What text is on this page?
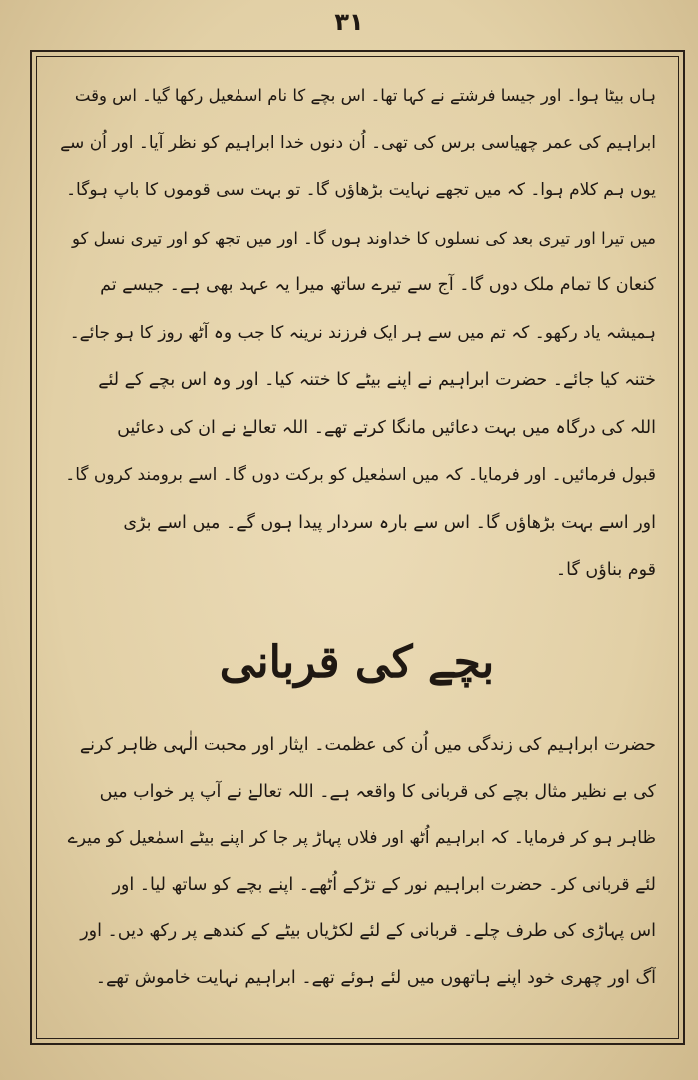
۳۱
ہاں بیٹا ہوا۔ اور جیسا فرشتے نے کہا تھا۔ اس بچے کا نام اسمٰعیل رکھا گیا۔ اس وقت
ابراہیم کی عمر چھیاسی برس کی تھی۔ اُن دنوں خدا ابراہیم کو نظر آیا۔ اور اُن سے
یوں ہم کلام ہوا۔ کہ میں تجھے نہایت بڑھاؤں گا۔ تو بہت سی قوموں کا باپ ہوگا۔
میں تیرا اور تیری بعد کی نسلوں کا خداوند ہوں گا۔ اور میں تجھ کو اور تیری نسل کو
کنعان کا تمام ملک دوں گا۔ آج سے تیرے ساتھ میرا یہ عہد بھی ہے۔ جیسے تم
ہمیشہ یاد رکھو۔ کہ تم میں سے ہر ایک فرزند نرینہ کا جب وہ آٹھ روز کا ہو جائے۔
ختنہ کیا جائے۔ حضرت ابراہیم نے اپنے بیٹے کا ختنہ کیا۔ اور وہ اس بچے کے لئے
اللہ کی درگاہ میں بہت دعائیں مانگا کرتے تھے۔ اللہ تعالےٰ نے ان کی دعائیں
قبول فرمائیں۔ اور فرمایا۔ کہ میں اسمٰعیل کو برکت دوں گا۔ اسے برومند کروں گا۔
اور اسے بہت بڑھاؤں گا۔ اس سے بارہ سردار پیدا ہوں گے۔ میں اسے بڑی
قوم بناؤں گا۔
بچے کی قربانی
حضرت ابراہیم کی زندگی میں اُن کی عظمت۔ ایثار اور محبت الٰہی ظاہر کرنے
کی بے نظیر مثال بچے کی قربانی کا واقعہ ہے۔ اللہ تعالےٰ نے آپ پر خواب میں
ظاہر ہو کر فرمایا۔ کہ ابراہیم اُٹھ اور فلاں پہاڑ پر جا کر اپنے بیٹے اسمٰعیل کو میرے
لئے قربانی کر۔ حضرت ابراہیم نور کے تڑکے اُٹھے۔ اپنے بچے کو ساتھ لیا۔ اور
اس پہاڑی کی طرف چلے۔ قربانی کے لئے لکڑیاں بیٹے کے کندھے پر رکھ دیں۔ اور
آگ اور چھری خود اپنے ہاتھوں میں لئے ہوئے تھے۔ ابراہیم نہایت خاموش تھے۔
